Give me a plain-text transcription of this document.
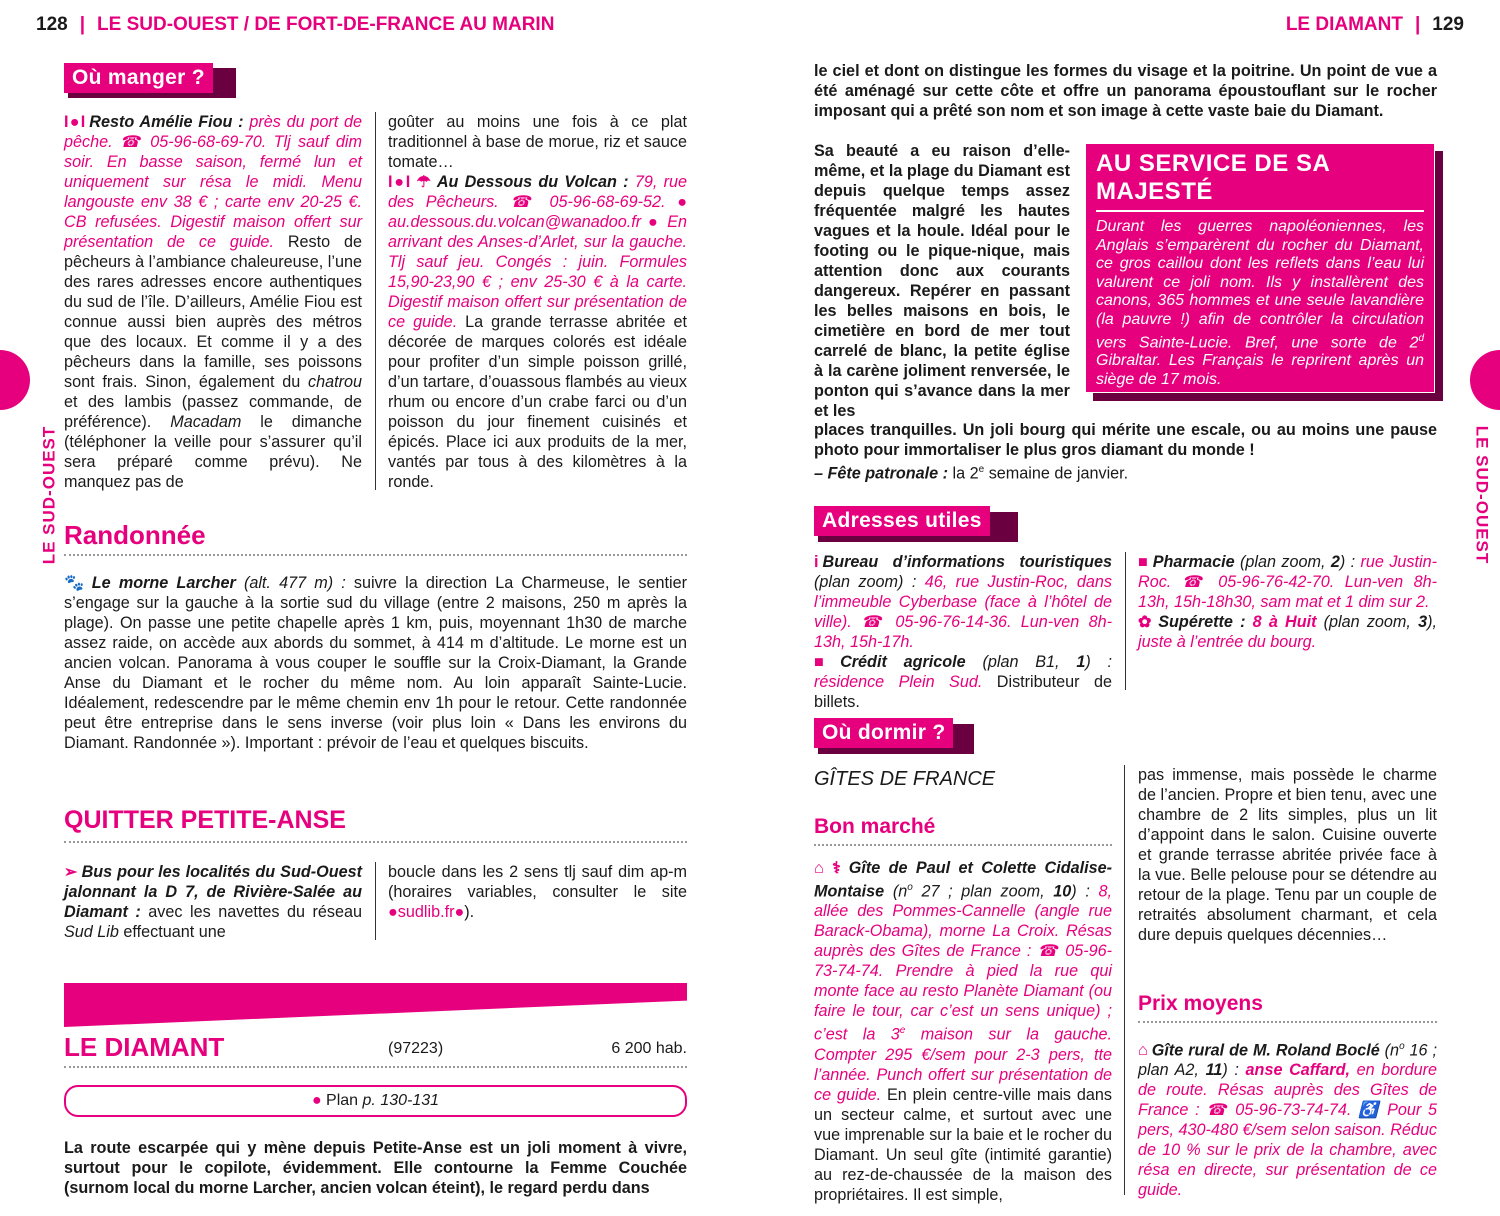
128 | LE SUD-OUEST / DE FORT-DE-FRANCE AU MARIN
LE SUD-OUEST
Où manger ?

I●I Resto Amélie Fiou : près du port de pêche. ☎ 05-96-68-69-70. Tlj sauf dim soir. En basse saison, fermé lun et uniquement sur résa le midi. Menu langouste env 38 € ; carte env 20-25 €. CB refusées. Digestif maison offert sur présentation de ce guide. Resto de pêcheurs à l’ambiance chaleureuse, l’une des rares adresses encore authentiques du sud de l’île. D’ailleurs, Amélie Fiou est connue aussi bien auprès des métros que des locaux. Et comme il y a des pêcheurs dans la famille, ses poissons sont frais. Sinon, également du chatrou et des lambis (passez commande, de préférence). Macadam le dimanche (téléphoner la veille pour s’assurer qu’il sera préparé comme prévu). Ne manquez pas de

goûter au moins une fois à ce plat traditionnel à base de morue, riz et sauce tomate…

I●I ☂ Au Dessous du Volcan : 79, rue des Pêcheurs. ☎ 05-96-68-69-52. ● au.dessous.du.volcan@wanadoo.fr ● En arrivant des Anses-d’Arlet, sur la gauche. Tlj sauf jeu. Congés : juin. Formules 15,90-23,90 € ; env 25-30 € à la carte. Digestif maison offert sur présentation de ce guide. La grande terrasse abritée et décorée de marques colorés est idéale pour profiter d’un simple poisson grillé, d’un tartare, d’ouassous flambés au vieux rhum ou encore d’un crabe farci ou d’un poisson du jour finement cuisinés et épicés. Place ici aux produits de la mer, vantés par tous à des kilomètres à la ronde.

Randonnée

🐾 Le morne Larcher (alt. 477 m) : suivre la direction La Charmeuse, le sentier s’engage sur la gauche à la sortie sud du village (entre 2 maisons, 250 m après la plage). On passe une petite chapelle après 1 km, puis, moyennant 1h30 de marche assez raide, on accède aux abords du sommet, à 414 m d’altitude. Le morne est un ancien volcan. Panorama à vous couper le souffle sur la Croix-Diamant, la Grande Anse du Diamant et le rocher du même nom. Au loin apparaît Sainte-Lucie. Idéalement, redescendre par le même chemin env 1h pour le retour. Cette randonnée peut être entreprise dans le sens inverse (voir plus loin « Dans les environs du Diamant. Randonnée »). Important : prévoir de l’eau et quelques biscuits.

QUITTER PETITE-ANSE

➢ Bus pour les localités du Sud-Ouest jalonnant la D 7, de Rivière-Salée au Diamant : avec les navettes du réseau Sud Lib effectuant une

boucle dans les 2 sens tlj sauf dim ap-m (horaires variables, consulter le site ●sudlib.fr●).

LE DIAMANT	(97223)	6 200 hab.
● Plan p. 130-131
La route escarpée qui y mène depuis Petite-Anse est un joli moment à vivre, surtout pour le copilote, évidemment. Elle contourne la Femme Couchée (surnom local du morne Larcher, ancien volcan éteint), le regard perdu dans
LE DIAMANT | 129
LE SUD-OUEST
le ciel et dont on distingue les formes du visage et la poitrine. Un point de vue a été aménagé sur cette côte et offre un panorama époustouflant sur le rocher imposant qui a prêté son nom et son image à cette vaste baie du Diamant.
Sa beauté a eu raison d’elle-même, et la plage du Diamant est depuis quelque temps assez fréquentée malgré les hautes vagues et la houle. Idéal pour le footing ou le pique-nique, mais attention donc aux courants dangereux. Repérer en passant les belles maisons en bois, le cimetière en bord de mer tout carrelé de blanc, la petite église à la carène joliment renversée, le ponton qui s’avance dans la mer et les
AU SERVICE DE SA MAJESTÉ
Durant les guerres napoléoniennes, les Anglais s’emparèrent du rocher du Diamant, ce gros caillou dont les reflets dans l’eau lui valurent ce joli nom. Ils y installèrent des canons, 365 hommes et une seule lavandière (la pauvre !) afin de contrôler la circulation vers Sainte-Lucie. Bref, une sorte de 2$^d$ Gibraltar. Les Français le reprirent après un siège de 17 mois.
places tranquilles. Un joli bourg qui mérite une escale, ou au moins une pause photo pour immortaliser le plus gros diamant du monde !
– Fête patronale : la 2e semaine de janvier.
Adresses utiles

i Bureau d’informations touristiques (plan zoom) : 46, rue Justin-Roc, dans l’immeuble Cyberbase (face à l’hôtel de ville). ☎ 05-96-76-14-36. Lun-ven 8h-13h, 15h-17h.

■ Crédit agricole (plan B1, 1) : résidence Plein Sud. Distributeur de billets.

■ Pharmacie (plan zoom, 2) : rue Justin-Roc. ☎ 05-96-76-42-70. Lun-ven 8h-13h, 15h-18h30, sam mat et 1 dim sur 2.

✿ Supérette : 8 à Huit (plan zoom, 3), juste à l’entrée du bourg.

Où dormir ?
GÎTES DE FRANCE
Bon marché

⌂ ⚕ Gîte de Paul et Colette Cidalise-Montaise ($n^o$ 27 ; plan zoom, 10) : 8, allée des Pommes-Cannelle (angle rue Barack-Obama), morne La Croix. Résas auprès des Gîtes de France : ☎ 05-96-73-74-74. Prendre à pied la rue qui monte face au resto Planète Diamant (ou faire le tour, car c’est un sens unique) ; c’est la 3e maison sur la gauche. Compter 295 €/sem pour 2-3 pers, tte l’année. Punch offert sur présentation de ce guide. En plein centre-ville mais dans un secteur calme, et surtout avec une vue imprenable sur la baie et le rocher du Diamant. Un seul gîte (intimité garantie) au rez-de-chaussée de la maison des propriétaires. Il est simple,

pas immense, mais possède le charme de l’ancien. Propre et bien tenu, avec une chambre de 2 lits simples, plus un lit d’appoint dans le salon. Cuisine ouverte et grande terrasse abritée privée face à la vue. Belle pelouse pour se détendre au retour de la plage. Tenu par un couple de retraités absolument charmant, et cela dure depuis quelques décennies…
Prix moyens

⌂ Gîte rural de M. Roland Boclé ($n^o$ 16 ; plan A2, 11) : anse Caffard, en bordure de route. Résas auprès des Gîtes de France : ☎ 05-96-73-74-74. ♿ Pour 5 pers, 430-480 €/sem selon saison. Réduc de 10 % sur le prix de la chambre, avec résa en directe, sur présentation de ce guide.
